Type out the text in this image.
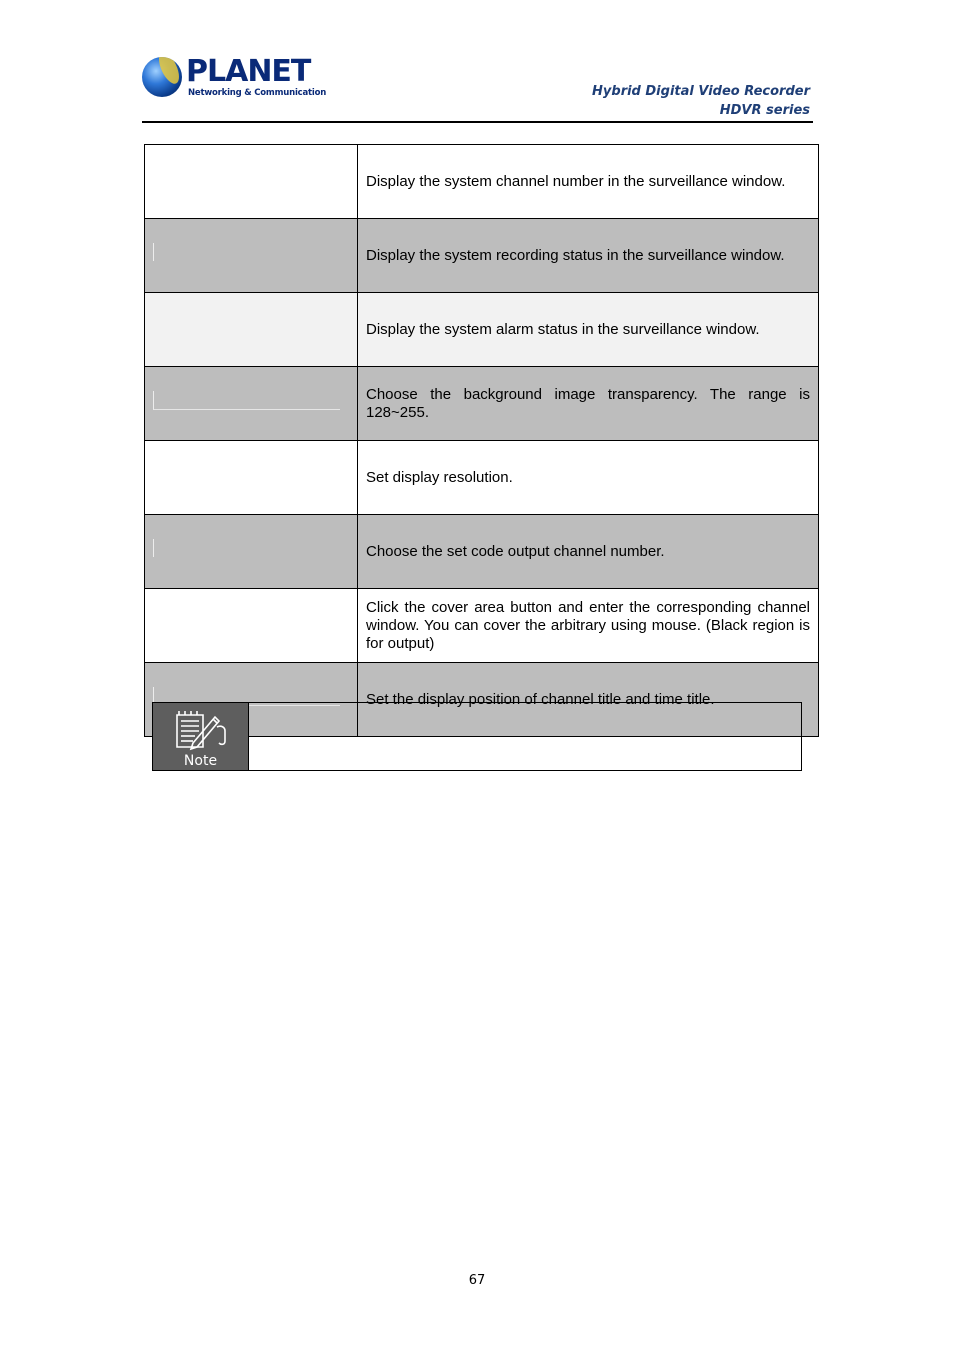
PLANET
Networking & Communication	Hybrid Digital Video Recorder
HDVR series
	Display the system channel number in the surveillance window.

	Display the system recording status in the surveillance window.
	Display the system alarm status in the surveillance window.

	Choose the background image transparency. The range is 128~255.
	Set display resolution.

	Choose the set code output channel number.
	Click the cover area button and enter the corresponding channel window. You can cover the arbitrary using mouse. (Black region is for output)

	Set the display position of channel title and time title.
Note
67
